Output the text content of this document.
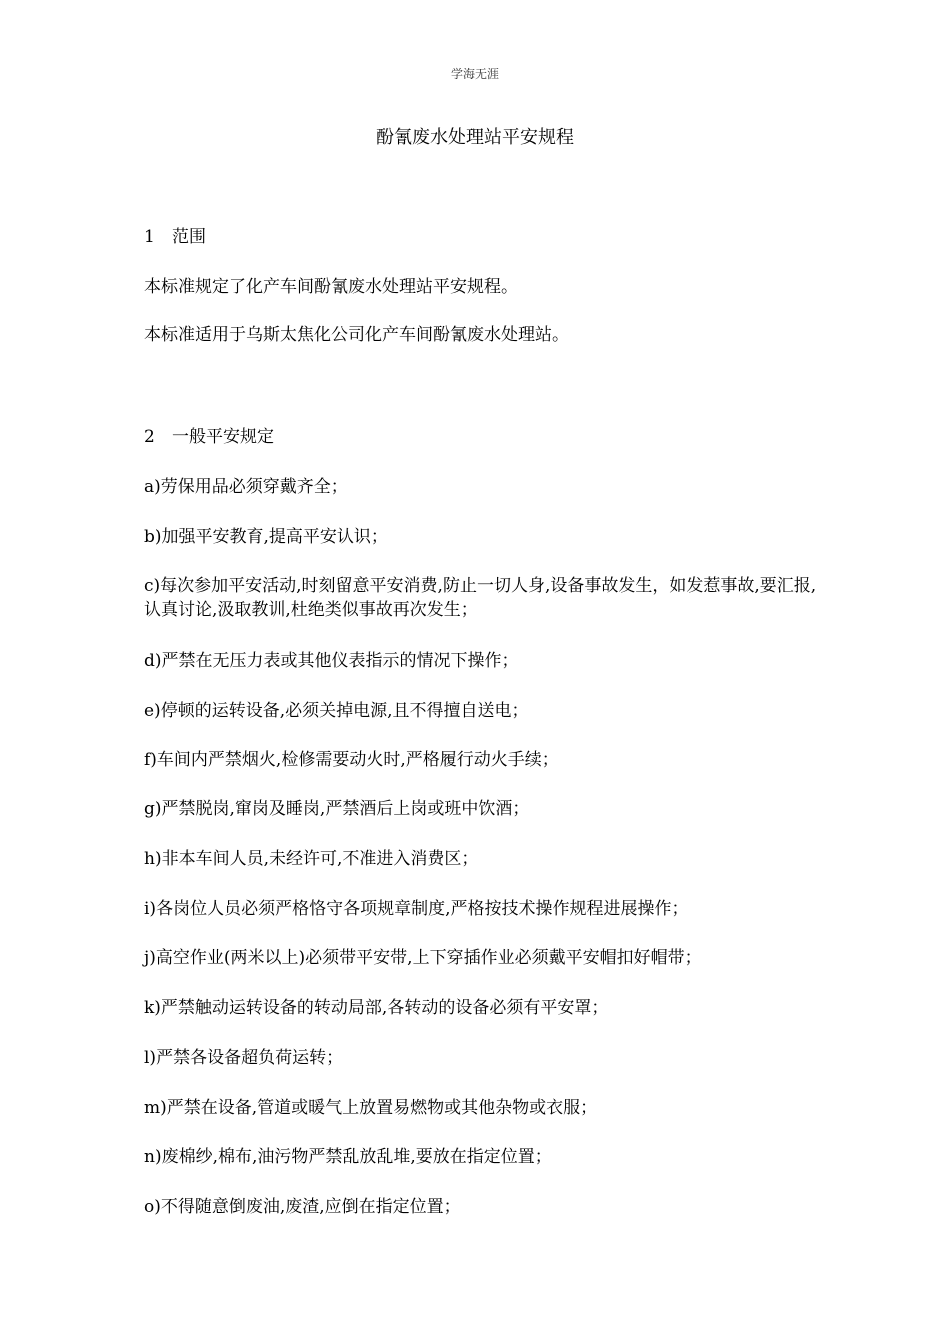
学海无涯
酚氰废水处理站平安规程
1 范围
本标准规定了化产车间酚氰废水处理站平安规程。
本标准适用于乌斯太焦化公司化产车间酚氰废水处理站。
2 一般平安规定
a)劳保用品必须穿戴齐全；
b)加强平安教育,提高平安认识；
c)每次参加平安活动,时刻留意平安消费,防止一切人身,设备事故发生，如发惹事故,要汇报,认真讨论,汲取教训,杜绝类似事故再次发生；
d)严禁在无压力表或其他仪表指示的情况下操作；
e)停顿的运转设备,必须关掉电源,且不得擅自送电；
f)车间内严禁烟火,检修需要动火时,严格履行动火手续；
g)严禁脱岗,窜岗及睡岗,严禁酒后上岗或班中饮酒；
h)非本车间人员,未经许可,不准进入消费区；
i)各岗位人员必须严格恪守各项规章制度,严格按技术操作规程进展操作；
j)高空作业(两米以上)必须带平安带,上下穿插作业必须戴平安帽扣好帽带；
k)严禁触动运转设备的转动局部,各转动的设备必须有平安罩；
l)严禁各设备超负荷运转；
m)严禁在设备,管道或暖气上放置易燃物或其他杂物或衣服；
n)废棉纱,棉布,油污物严禁乱放乱堆,要放在指定位置；
o)不得随意倒废油,废渣,应倒在指定位置；
